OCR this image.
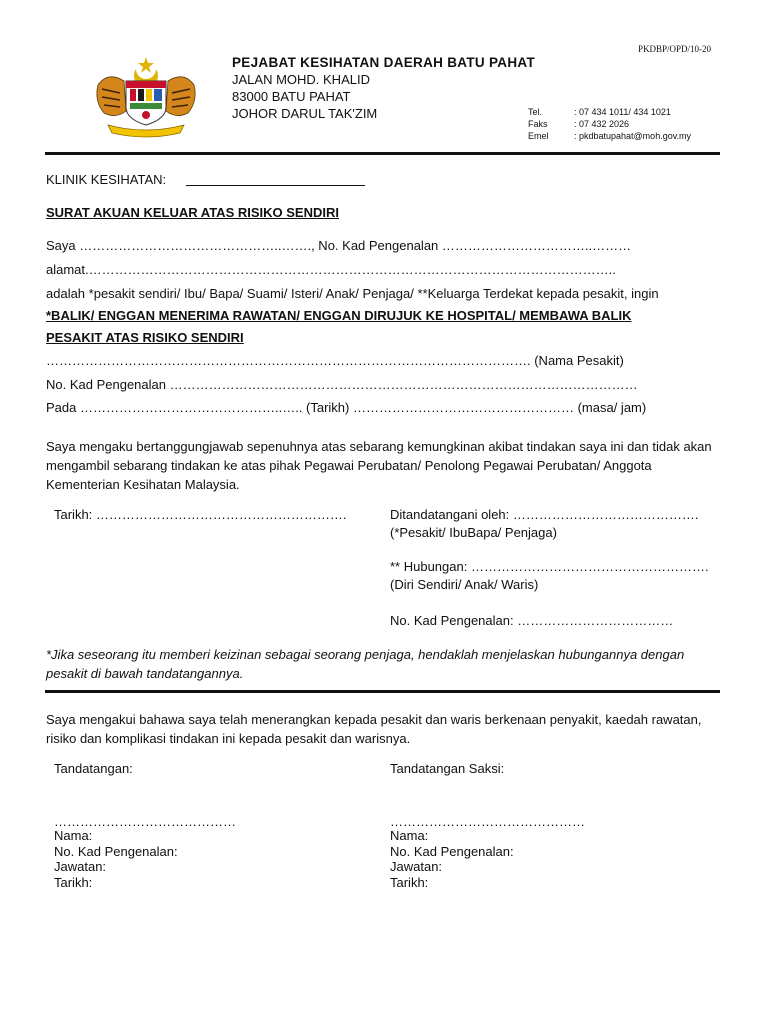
PKDBP/OPD/10-20
PEJABAT KESIHATAN DAERAH BATU PAHAT
JALAN MOHD. KHALID
83000 BATU PAHAT
JOHOR DARUL TAK'ZIM	Tel.	: 07 434 1011/ 434 1021
Faks	: 07 432 2026
Emel	: pkdbatupahat@moh.gov.my
KLINIK KESIHATAN:
SURAT AKUAN KELUAR ATAS RISIKO SENDIRI
Saya ………………………………………..……., No. Kad Pengenalan ……………………………..………
alamat.…………………………………………………………………………………………………………..
adalah *pesakit sendiri/ Ibu/ Bapa/ Suami/ Isteri/ Anak/ Penjaga/ **Keluarga Terdekat kepada pesakit, ingin
*BALIK/ ENGGAN MENERIMA RAWATAN/ ENGGAN DIRUJUK KE HOSPITAL/ MEMBAWA BALIK
PESAKIT ATAS RISIKO SENDIRI
…………………………………………………………………………………………………. (Nama Pesakit)
No. Kad Pengenalan ………………………………………………………………………………………………
Pada ………………………………………..….. (Tarikh) …………………………………………… (masa/ jam)
Saya mengaku bertanggungjawab sepenuhnya atas sebarang kemungkinan akibat tindakan saya ini dan tidak akan mengambil sebarang tindakan ke atas pihak Pegawai Perubatan/ Penolong Pegawai Perubatan/ Anggota Kementerian Kesihatan Malaysia.
Tarikh: ………………………………………………….	Ditandatangani oleh: …………………………………….
(*Pesakit/ IbuBapa/ Penjaga)
** Hubungan: ……………………………………………….
(Diri Sendiri/ Anak/ Waris)
No. Kad Pengenalan: ………………………………
*Jika seseorang itu memberi keizinan sebagai seorang penjaga, hendaklah menjelaskan hubungannya dengan pesakit di bawah tandatangannya.
Saya mengakui bahawa saya telah menerangkan kepada pesakit dan waris berkenaan penyakit, kaedah rawatan, risiko dan komplikasi tindakan ini kepada pesakit dan warisnya.
Tandatangan:
……………………………………
Nama:
No. Kad Pengenalan:
Jawatan:
Tarikh:
Tandatangan Saksi:
………………………………………
Nama:
No. Kad Pengenalan:
Jawatan:
Tarikh:
